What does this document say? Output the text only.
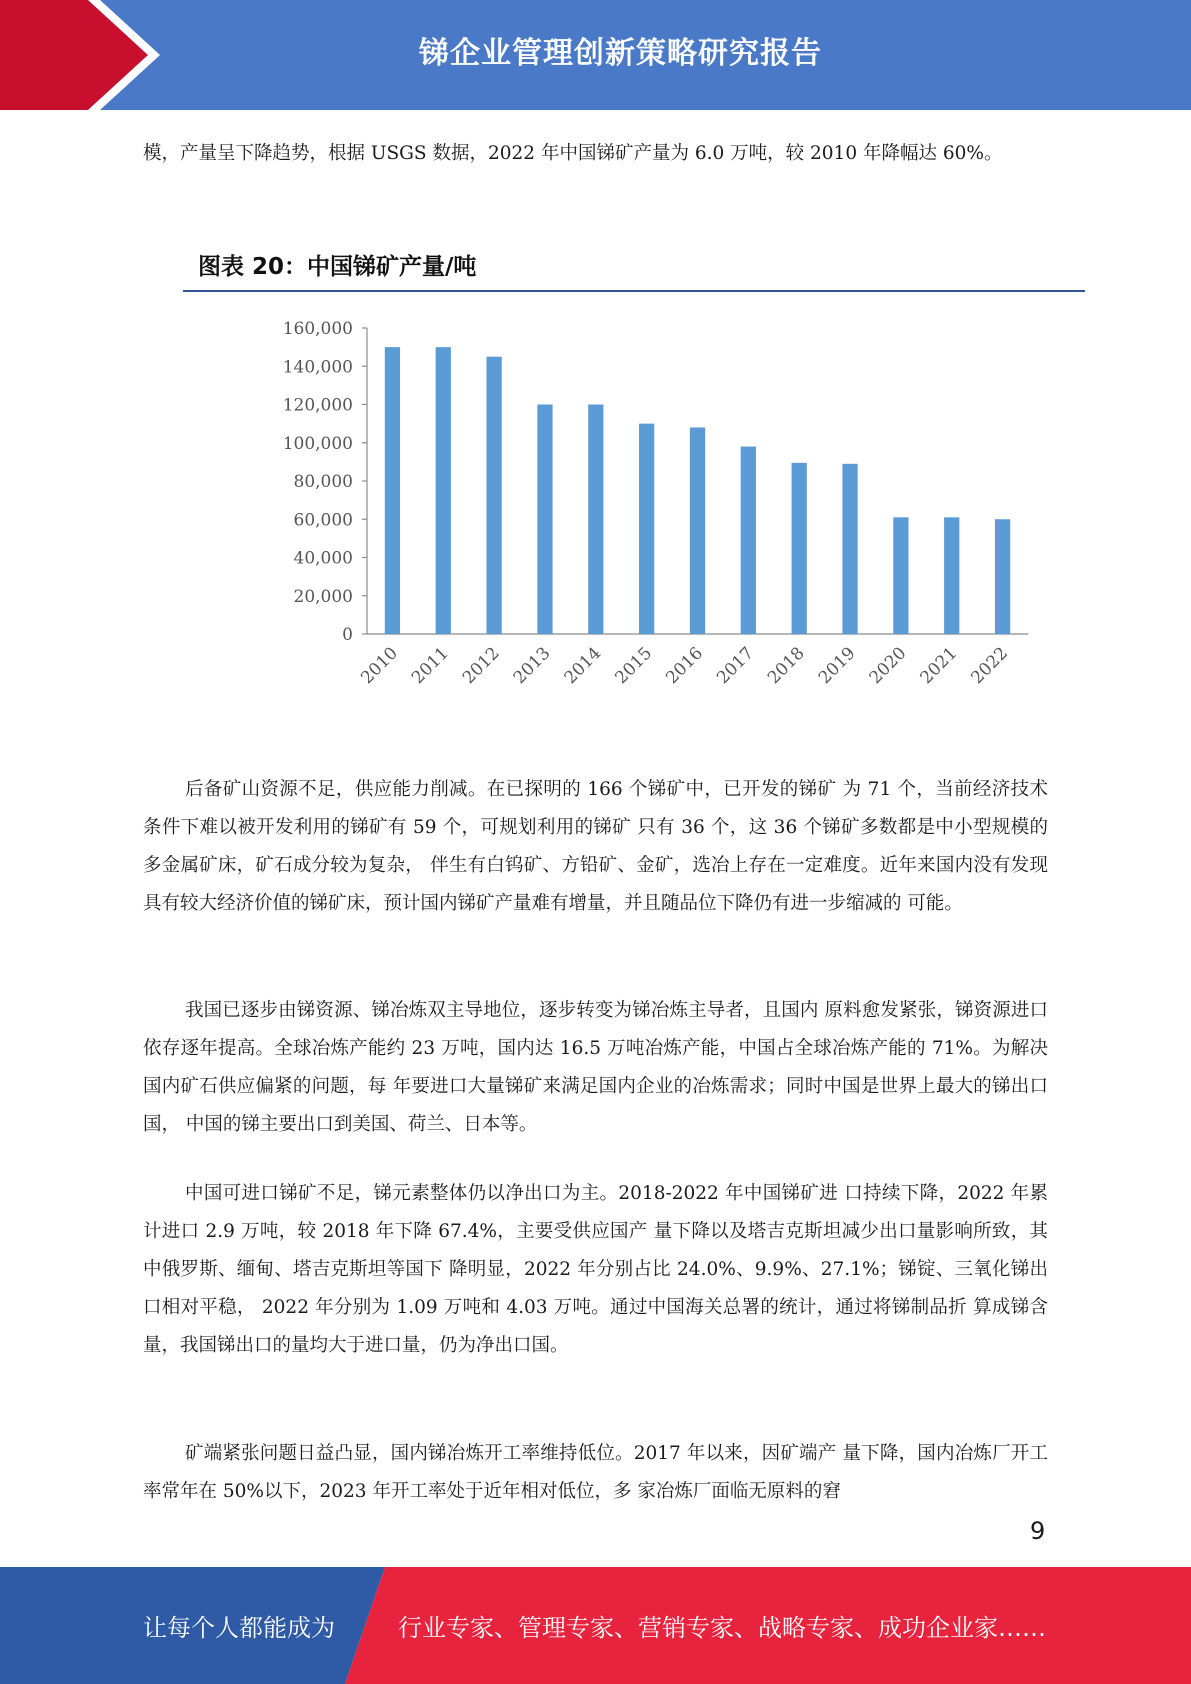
锑企业管理创新策略研究报告

模，产量呈下降趋势，根据 USGS 数据，2022 年中国锑矿产量为 6.0 万吨，较 2010 年降幅达 60%。

图表 20：中国锑矿产量/吨
0
20,000
40,000
60,000
80,000
100,000
120,000
140,000
160,000
2010 2011 2012 2013 2014 2015 2016 2017 2018 2019 2020 2021 2022

后备矿山资源不足，供应能力削减。在已探明的 166 个锑矿中，已开发的锑矿 为 71 个，当前经济技术条件下难以被开发利用的锑矿有 59 个，可规划利用的锑矿 只有 36 个，这 36 个锑矿多数都是中小型规模的多金属矿床，矿石成分较为复杂， 伴生有白钨矿、方铅矿、金矿，选冶上存在一定难度。近年来国内没有发现具有较大经济价值的锑矿床，预计国内锑矿产量难有增量，并且随品位下降仍有进一步缩减的 可能。

我国已逐步由锑资源、锑冶炼双主导地位，逐步转变为锑冶炼主导者，且国内 原料愈发紧张，锑资源进口依存逐年提高。全球冶炼产能约 23 万吨，国内达 16.5 万吨冶炼产能，中国占全球冶炼产能的 71%。为解决国内矿石供应偏紧的问题，每 年要进口大量锑矿来满足国内企业的冶炼需求；同时中国是世界上最大的锑出口国， 中国的锑主要出口到美国、荷兰、日本等。

中国可进口锑矿不足，锑元素整体仍以净出口为主。2018-2022 年中国锑矿进 口持续下降，2022 年累计进口 2.9 万吨，较 2018 年下降 67.4%，主要受供应国产 量下降以及塔吉克斯坦减少出口量影响所致，其中俄罗斯、缅甸、塔吉克斯坦等国下 降明显，2022 年分别占比 24.0%、9.9%、27.1%；锑锭、三氧化锑出口相对平稳， 2022 年分别为 1.09 万吨和 4.03 万吨。通过中国海关总署的统计，通过将锑制品折 算成锑含量，我国锑出口的量均大于进口量，仍为净出口国。

矿端紧张问题日益凸显，国内锑冶炼开工率维持低位。2017 年以来，因矿端产 量下降，国内冶炼厂开工率常年在 50%以下，2023 年开工率处于近年相对低位，多 家冶炼厂面临无原料的窘

9
让每个人都能成为	行业专家、管理专家、营销专家、战略专家、成功企业家……
